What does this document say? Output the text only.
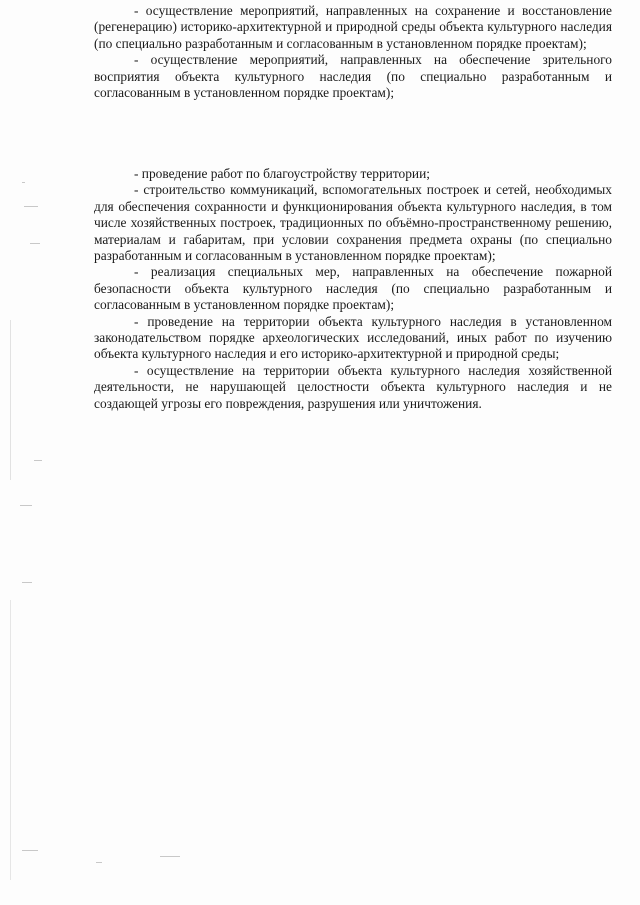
- осуществление мероприятий, направленных на сохранение и восстановление (регенерацию) историко-архитектурной и природной среды объекта культурного наследия (по специально разработанным и согласованным в установленном порядке проектам);

- осуществление мероприятий, направленных на обеспечение зрительного восприятия объекта культурного наследия (по специально разработанным и согласованным в установленном порядке проектам);

- проведение работ по благоустройству территории;

- строительство коммуникаций, вспомогательных построек и сетей, необходимых для обеспечения сохранности и функционирования объекта культурного наследия, в том числе хозяйственных построек, традиционных по объёмно-пространственному решению, материалам и габаритам, при условии сохранения предмета охраны (по специально разработанным и согласованным в установленном порядке проектам);

- реализация специальных мер, направленных на обеспечение пожарной безопасности объекта культурного наследия (по специально разработанным и согласованным в установленном порядке проектам);

- проведение на территории объекта культурного наследия в установленном законодательством порядке археологических исследований, иных работ по изучению объекта культурного наследия и его историко-архитектурной и природной среды;

- осуществление на территории объекта культурного наследия хозяйственной деятельности, не нарушающей целостности объекта культурного наследия и не создающей угрозы его повреждения, разрушения или уничтожения.
